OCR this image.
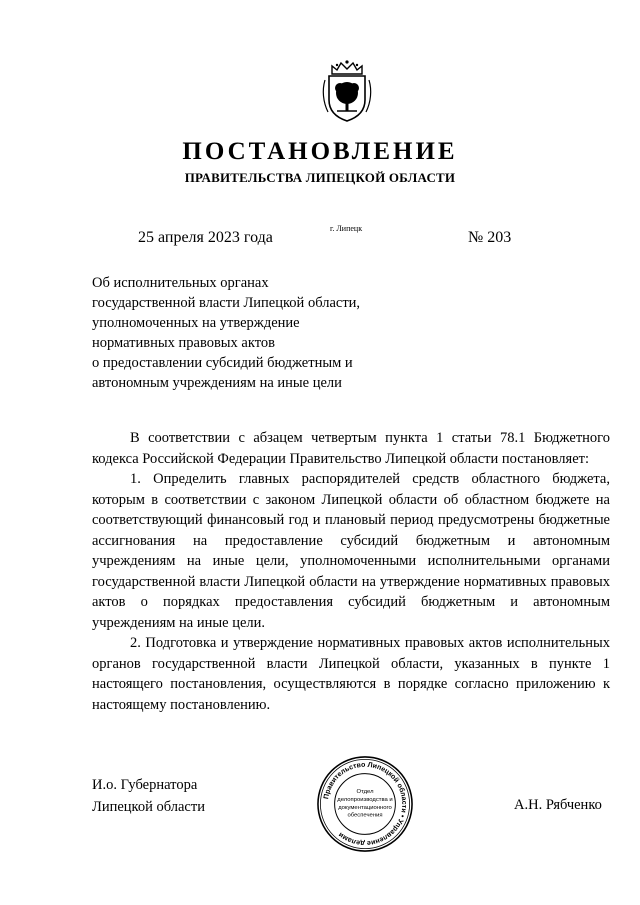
ПОСТАНОВЛЕНИЕ
ПРАВИТЕЛЬСТВА ЛИПЕЦКОЙ ОБЛАСТИ
25 апреля 2023 года
г. Липецк
№ 203
Об исполнительных органах
государственной власти Липецкой области,
уполномоченных на утверждение
нормативных правовых актов
о предоставлении субсидий бюджетным и
автономным учреждениям на иные цели

В соответствии с абзацем четвертым пункта 1 статьи 78.1 Бюджетного кодекса Российской Федерации Правительство Липецкой области постановляет:

1. Определить главных распорядителей средств областного бюджета, которым в соответствии с законом Липецкой области об областном бюджете на соответствующий финансовый год и плановый период предусмотрены бюджетные ассигнования на предоставление субсидий бюджетным и автономным учреждениям на иные цели, уполномоченными исполнительными органами государственной власти Липецкой области на утверждение нормативных правовых актов о порядках предоставления субсидий бюджетным и автономным учреждениям на иные цели.

2. Подготовка и утверждение нормативных правовых актов исполнительных органов государственной власти Липецкой области, указанных в пункте 1 настоящего постановления, осуществляются в порядке согласно приложению к настоящему постановлению.

И.о. Губернатора
Липецкой области	А.Н. Рябченко
Правительство Липецкой области • Управление делами
Отдел
делопроизводства и
документационного
обеспечения
